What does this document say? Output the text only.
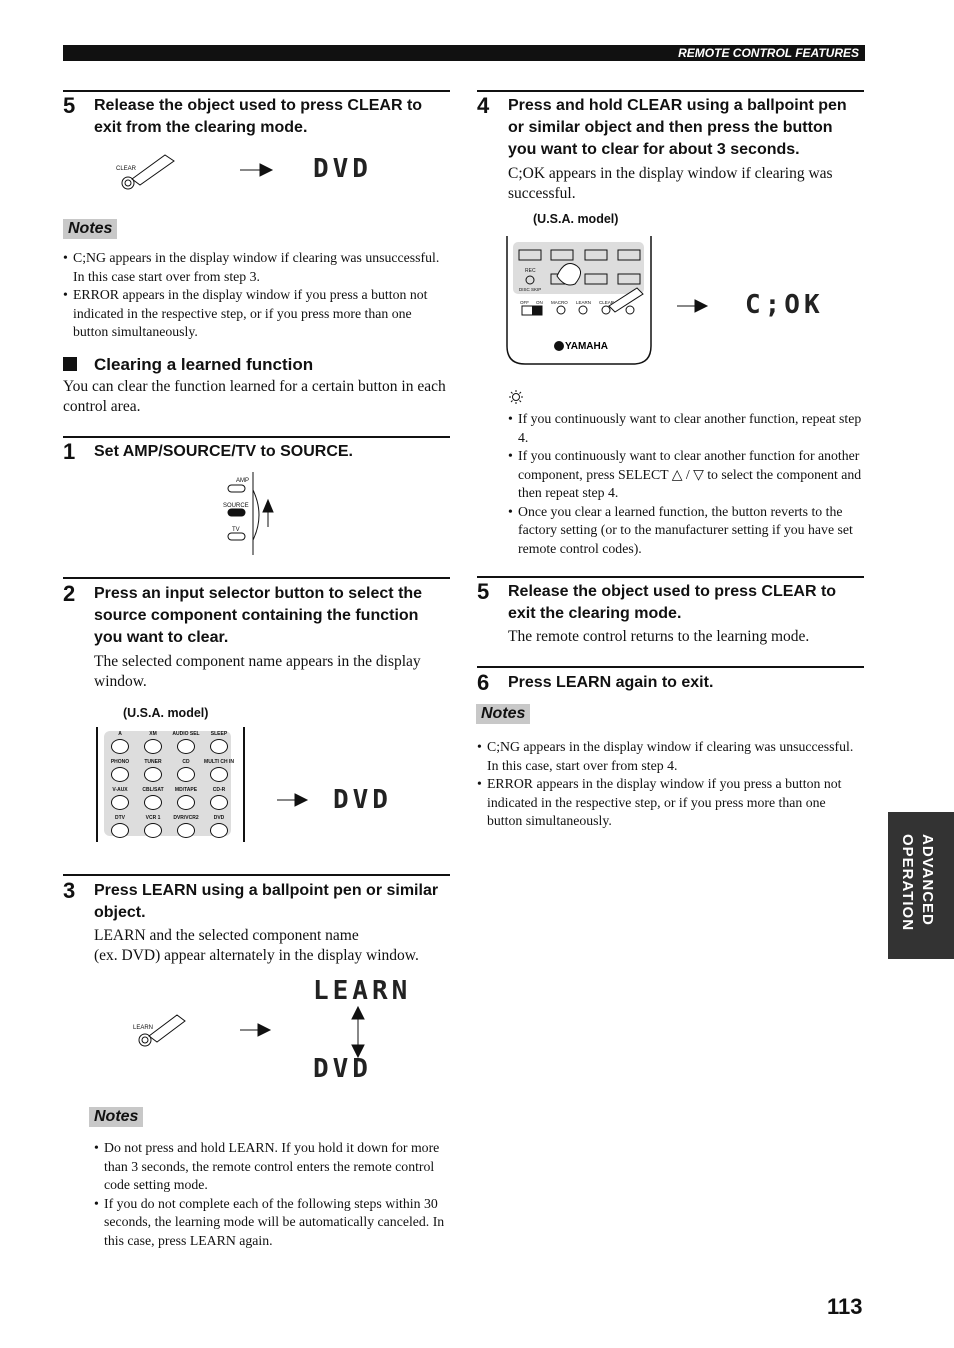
REMOTE CONTROL FEATURES
5 Release the object used to press CLEAR to exit from the clearing mode.
CLEAR	DVD
Notes
• C;NG appears in the display window if clearing was unsuccessful. In this case start over from step 3.
• ERROR appears in the display window if you press a button not indicated in the respective step, or if you press more than one button simultaneously.
Clearing a learned function
You can clear the function learned for a certain button in each control area.
1 Set AMP/SOURCE/TV to SOURCE.
AMP
SOURCE
TV
2 Press an input selector button to select the source component containing the function you want to clear.
The selected component name appears in the display window.
(U.S.A. model)
A	XM	AUDIO SEL	SLEEP
PHONO	TUNER	CD	MULTI CH IN
V-AUX	CBL/SAT	MD/TAPE	CD-R
DTV	VCR 1	DVR/VCR2	DVD
DVD
3 Press LEARN using a ballpoint pen or similar object.
LEARN and the selected component name
(ex. DVD) appear alternately in the display window.
LEARN
LEARN
DVD
Notes
• Do not press and hold LEARN. If you hold it down for more than 3 seconds, the remote control enters the remote control code setting mode.
• If you do not complete each of the following steps within 30 seconds, the learning mode will be automatically canceled. In this case, press LEARN again.
4 Press and hold CLEAR using a ballpoint pen or similar object and then press the button you want to clear for about 3 seconds.
C;OK appears in the display window if clearing was successful.
(U.S.A. model)
REC
DISC SKIP
OFF ON MACRO LEARN CLEAR
YAMAHA
C;OK
• If you continuously want to clear another function, repeat step 4.
• If you continuously want to clear another function for another component, press SELECT △ / ▽ to select the component and then repeat step 4.
• Once you clear a learned function, the button reverts to the factory setting (or to the manufacturer setting if you have set remote control codes).
5 Release the object used to press CLEAR to exit the clearing mode.
The remote control returns to the learning mode.
6 Press LEARN again to exit.
Notes
• C;NG appears in the display window if clearing was unsuccessful. In this case, start over from step 4.
• ERROR appears in the display window if you press a button not indicated in the respective step, or if you press more than one button simultaneously.
ADVANCED
OPERATION
113
